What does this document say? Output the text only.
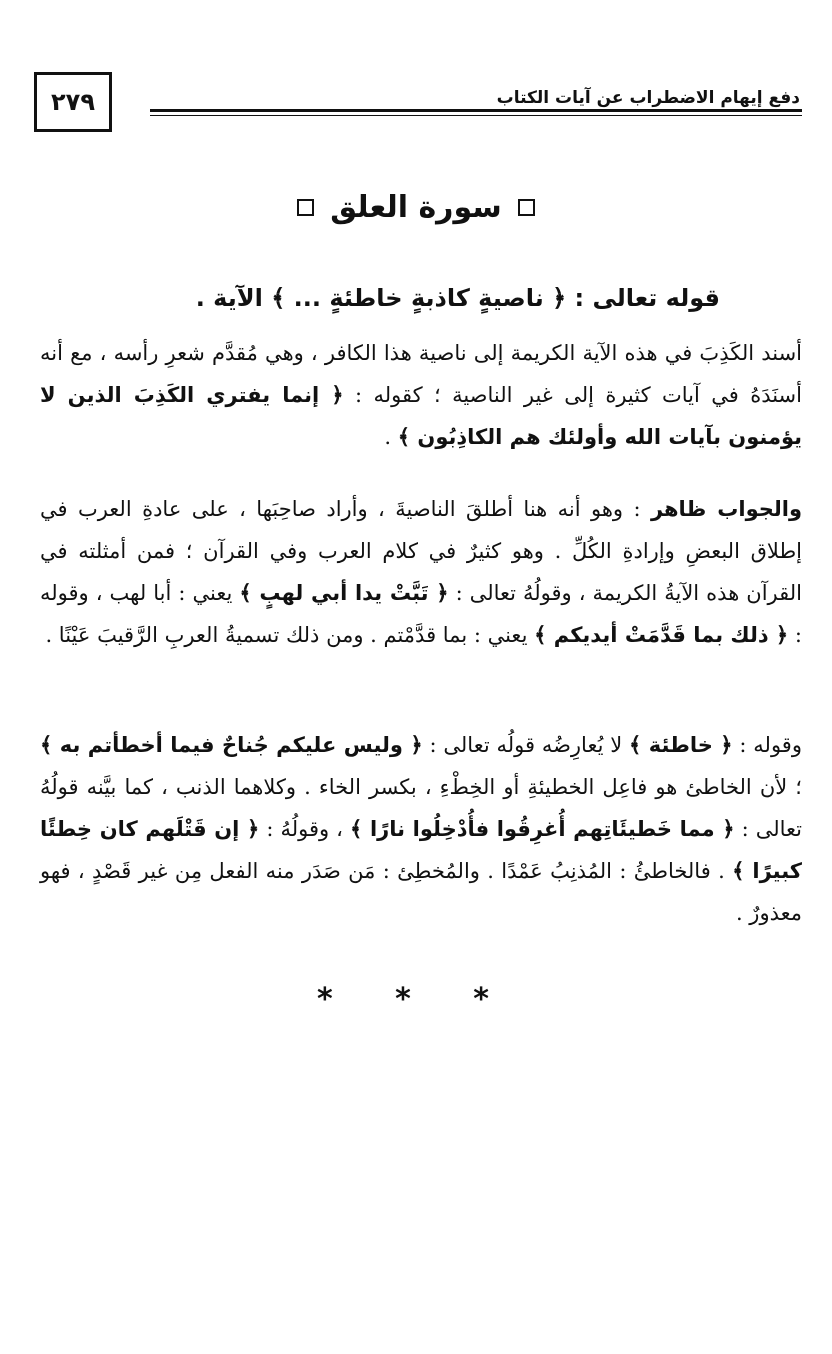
دفع إيهام الاضطراب عن آيات الكتاب
٢٧٩
سورة العلق
قوله تعالى : ﴿ ناصيةٍ كاذبةٍ خاطئةٍ ... ﴾ الآية .
أسند الكَذِبَ في هذه الآية الكريمة إلى ناصية هذا الكافر ، وهي مُقدَّم شعرِ رأسه ، مع أنه أسنَدَهُ في آيات كثيرة إلى غير الناصية ؛ كقوله : ﴿ إنما يفتري الكَذِبَ الذين لا يؤمنون بآيات الله وأولئك هم الكاذِبُون ﴾ .
والجواب ظاهر : وهو أنه هنا أطلقَ الناصيةَ ، وأراد صاحِبَها ، على عادةِ العرب في إطلاق البعضِ وإرادةِ الكُلِّ . وهو كثيرٌ في كلام العرب وفي القرآن ؛ فمن أمثلته في القرآن هذه الآيةُ الكريمة ، وقولُهُ تعالى : ﴿ تَبَّتْ يدا أبي لهبٍ ﴾ يعني : أبا لهب ، وقوله : ﴿ ذلك بما قَدَّمَتْ أيديكم ﴾ يعني : بما قدَّمْتم . ومن ذلك تسميةُ العربِ الرَّقيبَ عَيْنًا .
وقوله : ﴿ خاطئة ﴾ لا يُعارِضُه قولُه تعالى : ﴿ وليس عليكم جُناحٌ فيما أخطأتم به ﴾ ؛ لأن الخاطئ هو فاعِل الخطيئةِ أو الخِطْءِ ، بكسر الخاء . وكلاهما الذنب ، كما بيَّنه قولُهُ تعالى : ﴿ مما خَطيئَاتِهم أُغرِقُوا فأُدْخِلُوا نارًا ﴾ ، وقولُهُ : ﴿ إن قَتْلَهم كان خِطئًا كبيرًا ﴾ . فالخاطئُ : المُذنِبُ عَمْدًا . والمُخطِئ : مَن صَدَر منه الفعل مِن غير قَصْدٍ ، فهو معذورٌ .
* * *
